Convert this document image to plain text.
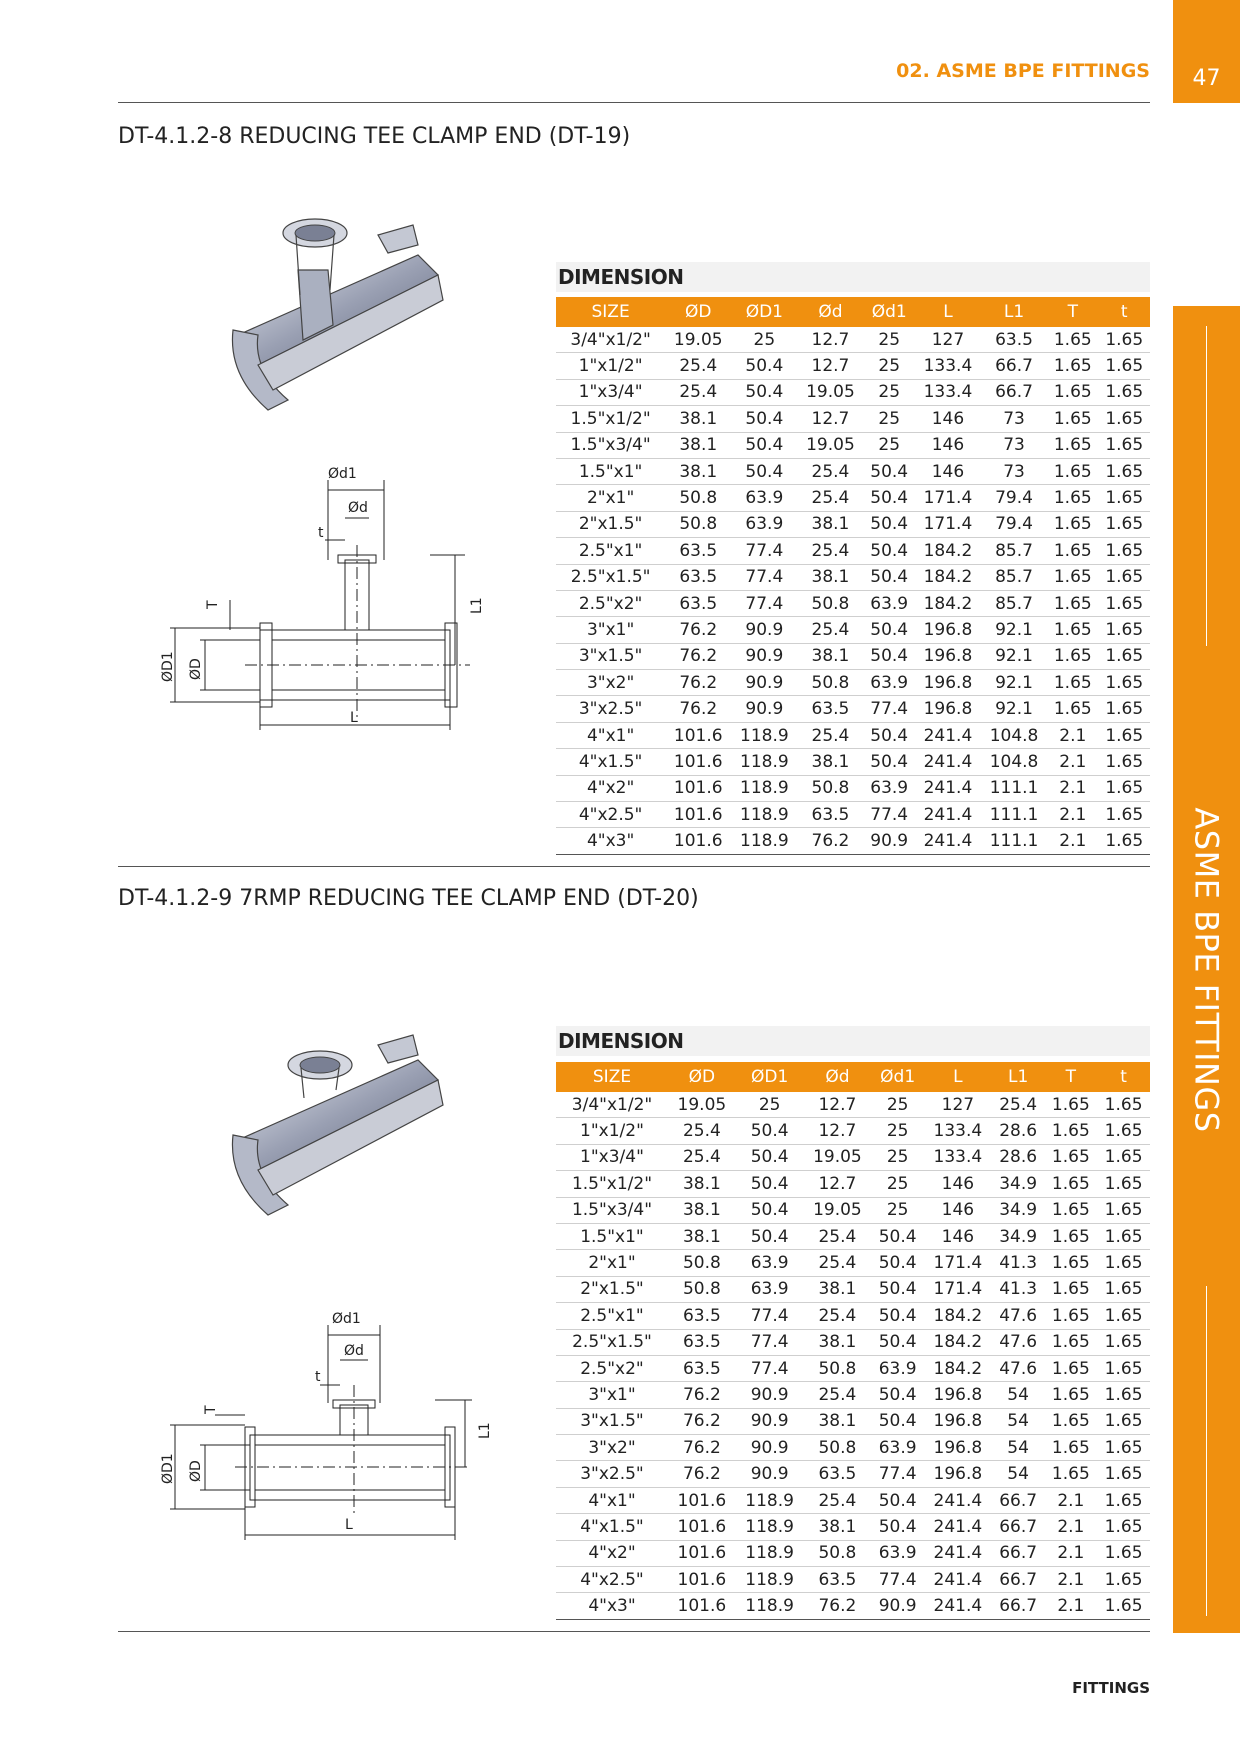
47
ASME BPE FITTINGS
02. ASME BPE FITTINGS
DT-4.1.2-8 REDUCING TEE CLAMP END (DT-19)
Ød1
Ød
t
T	L1
ØD1 ØD
L
DIMENSION
SIZE	ØD	ØD1	Ød	Ød1	L	L1	T	t
3/4"x1/2"	19.05	25	12.7	25	127	63.5	1.65	1.65
1"x1/2"	25.4	50.4	12.7	25	133.4	66.7	1.65	1.65
1"x3/4"	25.4	50.4	19.05	25	133.4	66.7	1.65	1.65
1.5"x1/2"	38.1	50.4	12.7	25	146	73	1.65	1.65
1.5"x3/4"	38.1	50.4	19.05	25	146	73	1.65	1.65
1.5"x1"	38.1	50.4	25.4	50.4	146	73	1.65	1.65
2"x1"	50.8	63.9	25.4	50.4	171.4	79.4	1.65	1.65
2"x1.5"	50.8	63.9	38.1	50.4	171.4	79.4	1.65	1.65
2.5"x1"	63.5	77.4	25.4	50.4	184.2	85.7	1.65	1.65
2.5"x1.5"	63.5	77.4	38.1	50.4	184.2	85.7	1.65	1.65
2.5"x2"	63.5	77.4	50.8	63.9	184.2	85.7	1.65	1.65
3"x1"	76.2	90.9	25.4	50.4	196.8	92.1	1.65	1.65
3"x1.5"	76.2	90.9	38.1	50.4	196.8	92.1	1.65	1.65
3"x2"	76.2	90.9	50.8	63.9	196.8	92.1	1.65	1.65
3"x2.5"	76.2	90.9	63.5	77.4	196.8	92.1	1.65	1.65
4"x1"	101.6	118.9	25.4	50.4	241.4	104.8	2.1	1.65
4"x1.5"	101.6	118.9	38.1	50.4	241.4	104.8	2.1	1.65
4"x2"	101.6	118.9	50.8	63.9	241.4	111.1	2.1	1.65
4"x2.5"	101.6	118.9	63.5	77.4	241.4	111.1	2.1	1.65
4"x3"	101.6	118.9	76.2	90.9	241.4	111.1	2.1	1.65
DT-4.1.2-9 7RMP REDUCING TEE CLAMP END (DT-20)
Ød1
Ød
t
T
L1
ØD1 ØD
L
DIMENSION
SIZE	ØD	ØD1	Ød	Ød1	L	L1	T	t
3/4"x1/2"	19.05	25	12.7	25	127	25.4	1.65	1.65
1"x1/2"	25.4	50.4	12.7	25	133.4	28.6	1.65	1.65
1"x3/4"	25.4	50.4	19.05	25	133.4	28.6	1.65	1.65
1.5"x1/2"	38.1	50.4	12.7	25	146	34.9	1.65	1.65
1.5"x3/4"	38.1	50.4	19.05	25	146	34.9	1.65	1.65
1.5"x1"	38.1	50.4	25.4	50.4	146	34.9	1.65	1.65
2"x1"	50.8	63.9	25.4	50.4	171.4	41.3	1.65	1.65
2"x1.5"	50.8	63.9	38.1	50.4	171.4	41.3	1.65	1.65
2.5"x1"	63.5	77.4	25.4	50.4	184.2	47.6	1.65	1.65
2.5"x1.5"	63.5	77.4	38.1	50.4	184.2	47.6	1.65	1.65
2.5"x2"	63.5	77.4	50.8	63.9	184.2	47.6	1.65	1.65
3"x1"	76.2	90.9	25.4	50.4	196.8	54	1.65	1.65
3"x1.5"	76.2	90.9	38.1	50.4	196.8	54	1.65	1.65
3"x2"	76.2	90.9	50.8	63.9	196.8	54	1.65	1.65
3"x2.5"	76.2	90.9	63.5	77.4	196.8	54	1.65	1.65
4"x1"	101.6	118.9	25.4	50.4	241.4	66.7	2.1	1.65
4"x1.5"	101.6	118.9	38.1	50.4	241.4	66.7	2.1	1.65
4"x2"	101.6	118.9	50.8	63.9	241.4	66.7	2.1	1.65
4"x2.5"	101.6	118.9	63.5	77.4	241.4	66.7	2.1	1.65
4"x3"	101.6	118.9	76.2	90.9	241.4	66.7	2.1	1.65
FITTINGS
